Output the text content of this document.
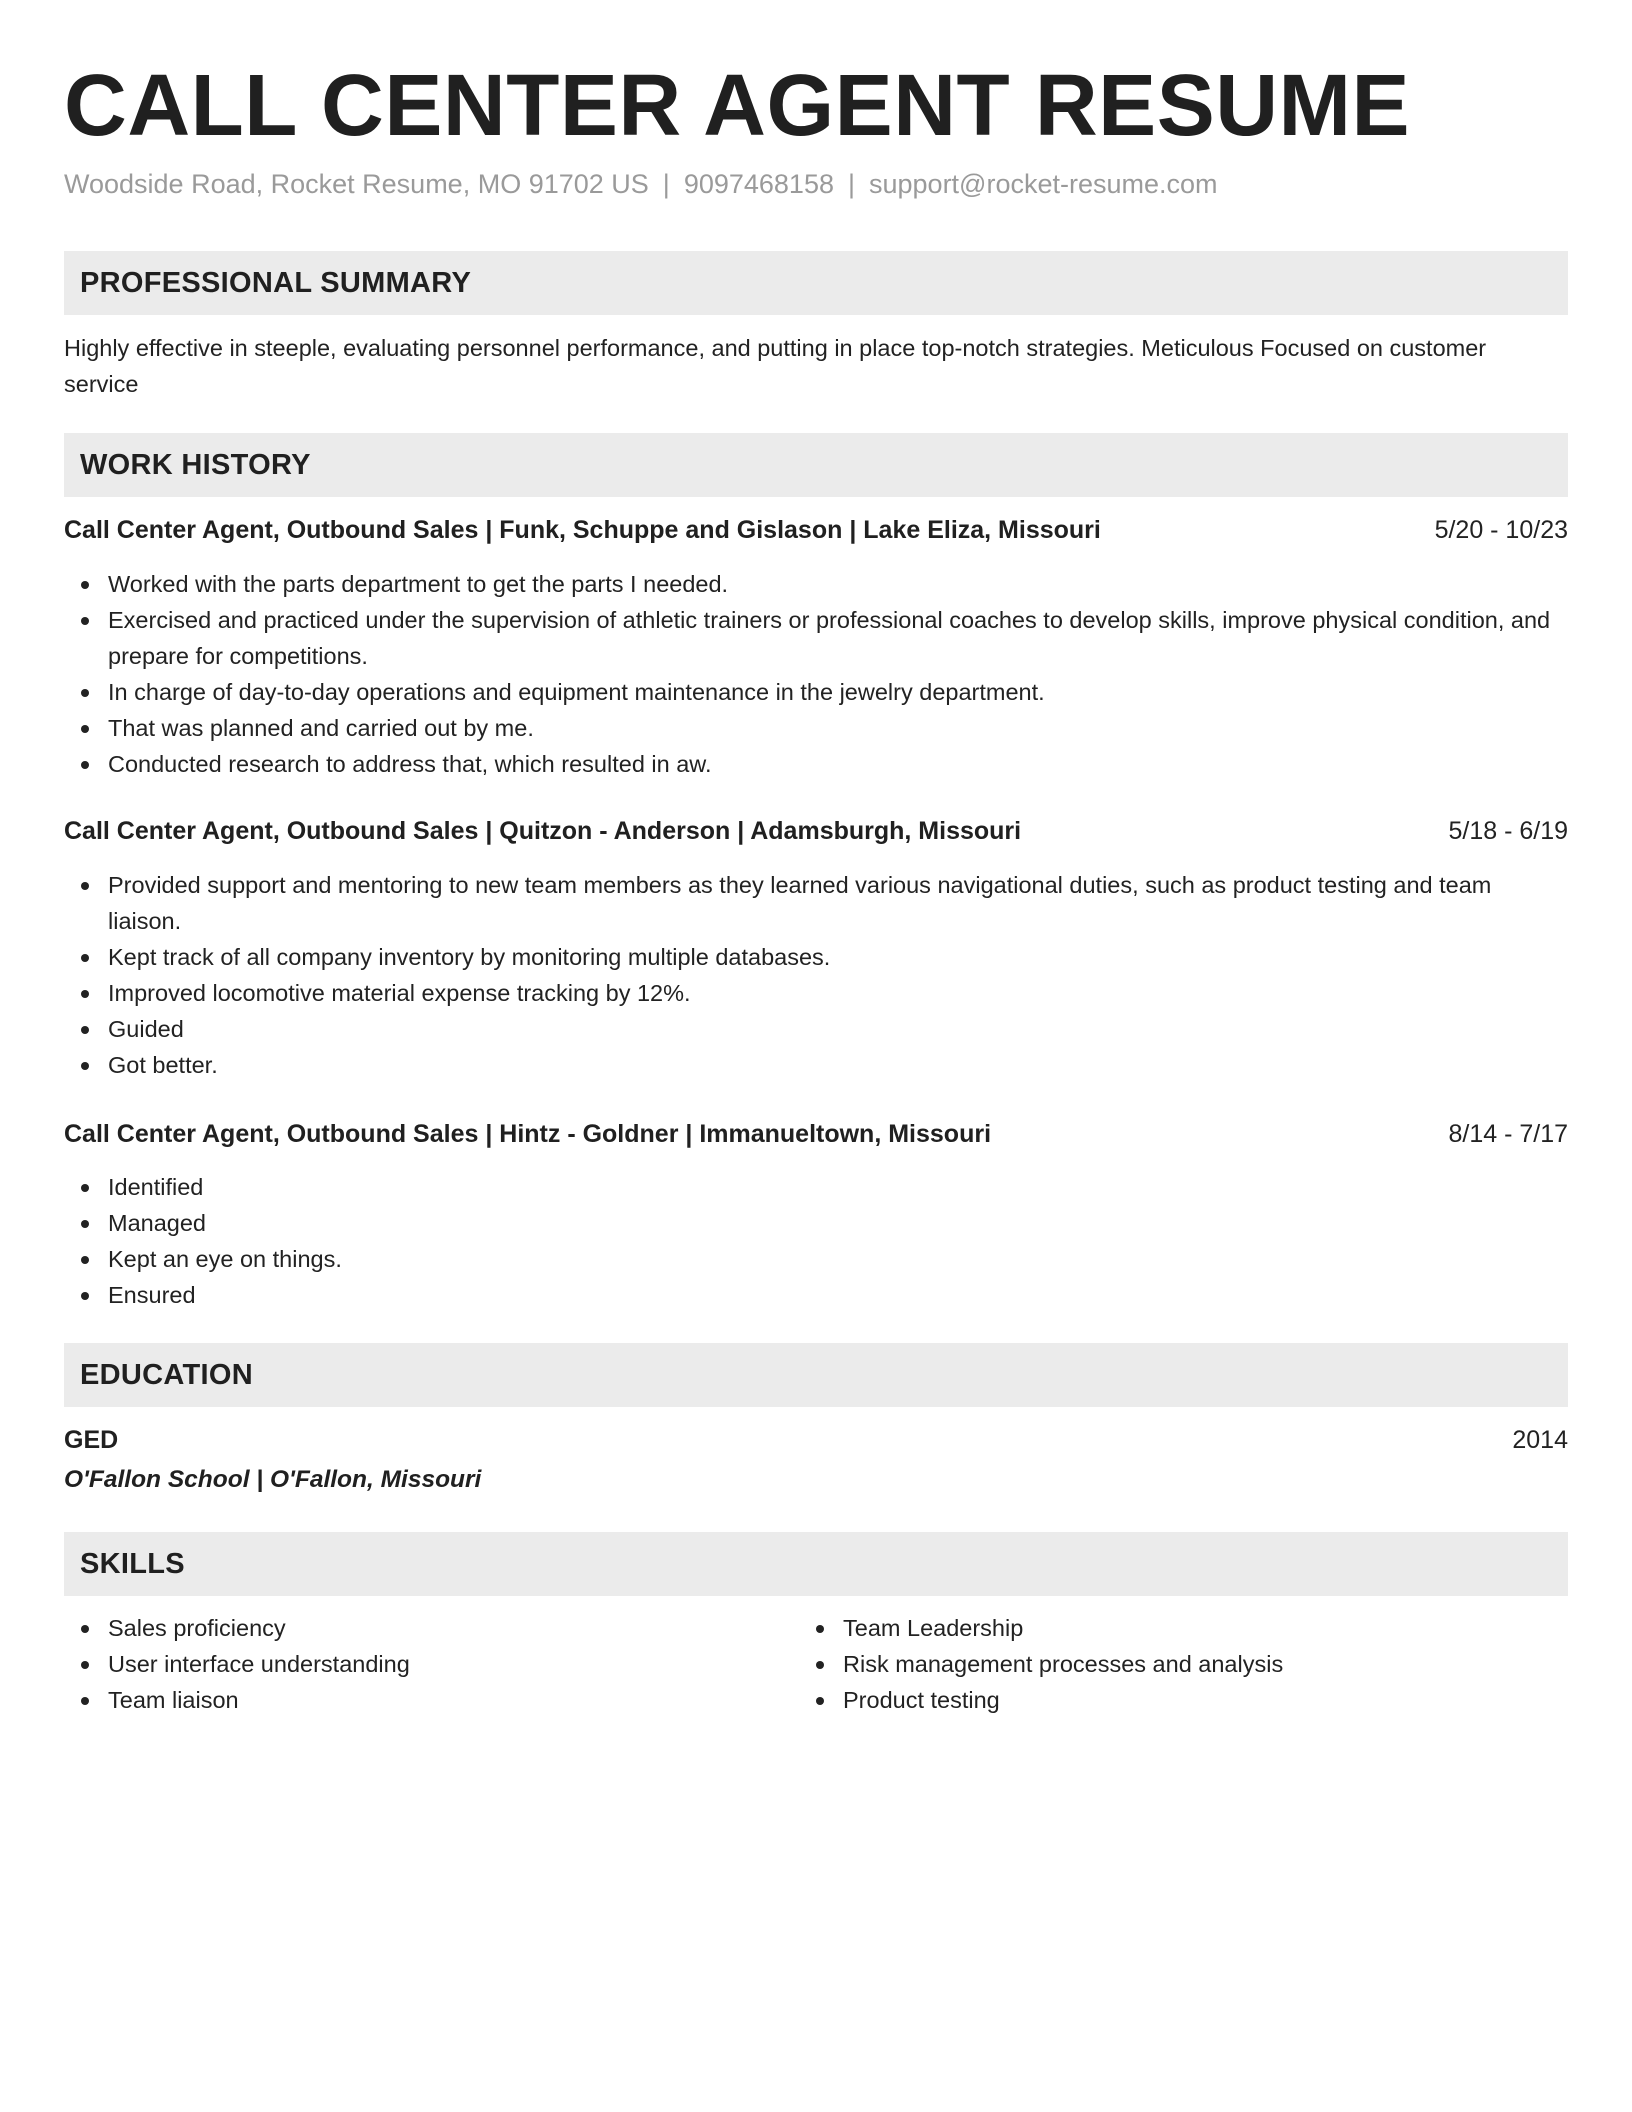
CALL CENTER AGENT RESUME
Woodside Road, Rocket Resume, MO 91702 US | 9097468158 | support@rocket-resume.com
PROFESSIONAL SUMMARY
Highly effective in steeple, evaluating personnel performance, and putting in place top-notch strategies. Meticulous Focused on customer service
WORK HISTORY
Call Center Agent, Outbound Sales | Funk, Schuppe and Gislason | Lake Eliza, Missouri	5/20 - 10/23
Worked with the parts department to get the parts I needed.
Exercised and practiced under the supervision of athletic trainers or professional coaches to develop skills, improve physical condition, and prepare for competitions.
In charge of day-to-day operations and equipment maintenance in the jewelry department.
That was planned and carried out by me.
Conducted research to address that, which resulted in aw.
Call Center Agent, Outbound Sales | Quitzon - Anderson | Adamsburgh, Missouri	5/18 - 6/19
Provided support and mentoring to new team members as they learned various navigational duties, such as product testing and team liaison.
Kept track of all company inventory by monitoring multiple databases.
Improved locomotive material expense tracking by 12%.
Guided
Got better.
Call Center Agent, Outbound Sales | Hintz - Goldner | Immanueltown, Missouri	8/14 - 7/17
Identified
Managed
Kept an eye on things.
Ensured
EDUCATION
GED	2014
O'Fallon School | O'Fallon, Missouri
SKILLS
Sales proficiency
User interface understanding
Team liaison
Team Leadership
Risk management processes and analysis
Product testing
